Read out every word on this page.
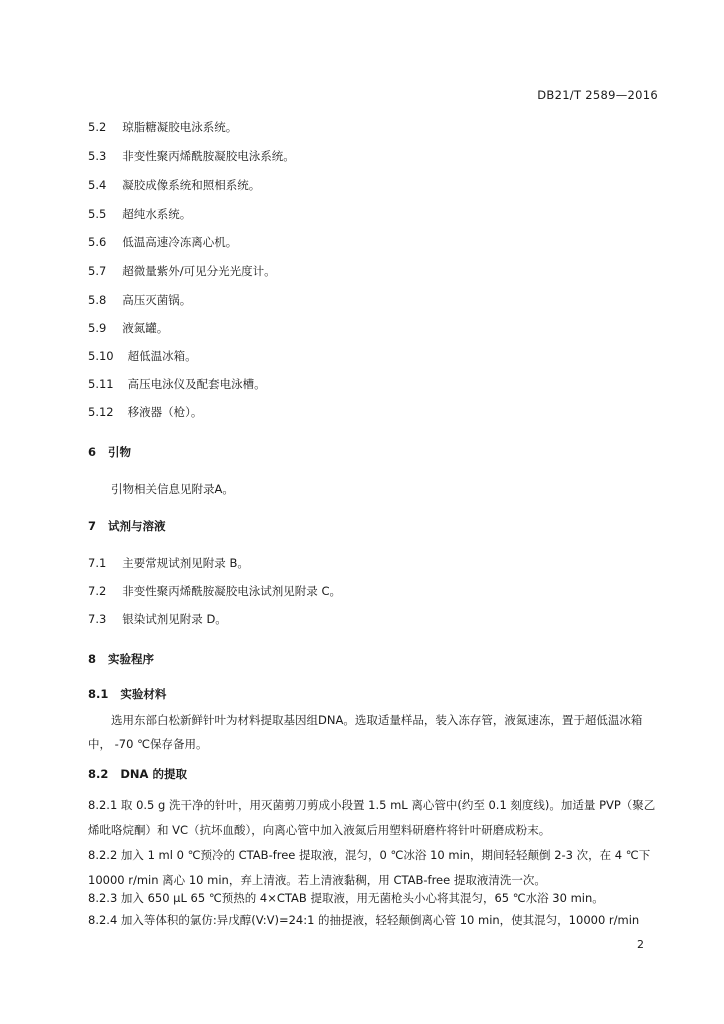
DB21/T 2589—2016
5.2 琼脂糖凝胶电泳系统。
5.3 非变性聚丙烯酰胺凝胶电泳系统。
5.4 凝胶成像系统和照相系统。
5.5 超纯水系统。
5.6 低温高速冷冻离心机。
5.7 超微量紫外/可见分光光度计。
5.8 高压灭菌锅。
5.9 液氮罐。
5.10 超低温冰箱。
5.11 高压电泳仪及配套电泳槽。
5.12 移液器（枪）。
6 引物
引物相关信息见附录A。
7 试剂与溶液
7.1 主要常规试剂见附录 B。
7.2 非变性聚丙烯酰胺凝胶电泳试剂见附录 C。
7.3 银染试剂见附录 D。
8 实验程序
8.1 实验材料
选用东部白松新鲜针叶为材料提取基因组DNA。选取适量样品，装入冻存管，液氮速冻，置于超低温冰箱中， -70 ℃保存备用。
8.2 DNA 的提取
8.2.1 取 0.5 g 洗干净的针叶，用灭菌剪刀剪成小段置 1.5 mL 离心管中(约至 0.1 刻度线)。加适量 PVP（聚乙烯吡咯烷酮）和 VC（抗坏血酸），向离心管中加入液氮后用塑料研磨杵将针叶研磨成粉末。
8.2.2 加入 1 ml 0 ℃预冷的 CTAB-free 提取液，混匀，0 ℃冰浴 10 min，期间轻轻颠倒 2-3 次，在 4 ℃下 10000 r/min 离心 10 min，弃上清液。若上清液黏稠，用 CTAB-free 提取液清洗一次。
8.2.3 加入 650 μL 65 ℃预热的 4×CTAB 提取液，用无菌枪头小心将其混匀，65 ℃水浴 30 min。
8.2.4 加入等体积的氯仿:异戊醇(V:V)=24:1 的抽提液，轻轻颠倒离心管 10 min，使其混匀，10000 r/min
2
